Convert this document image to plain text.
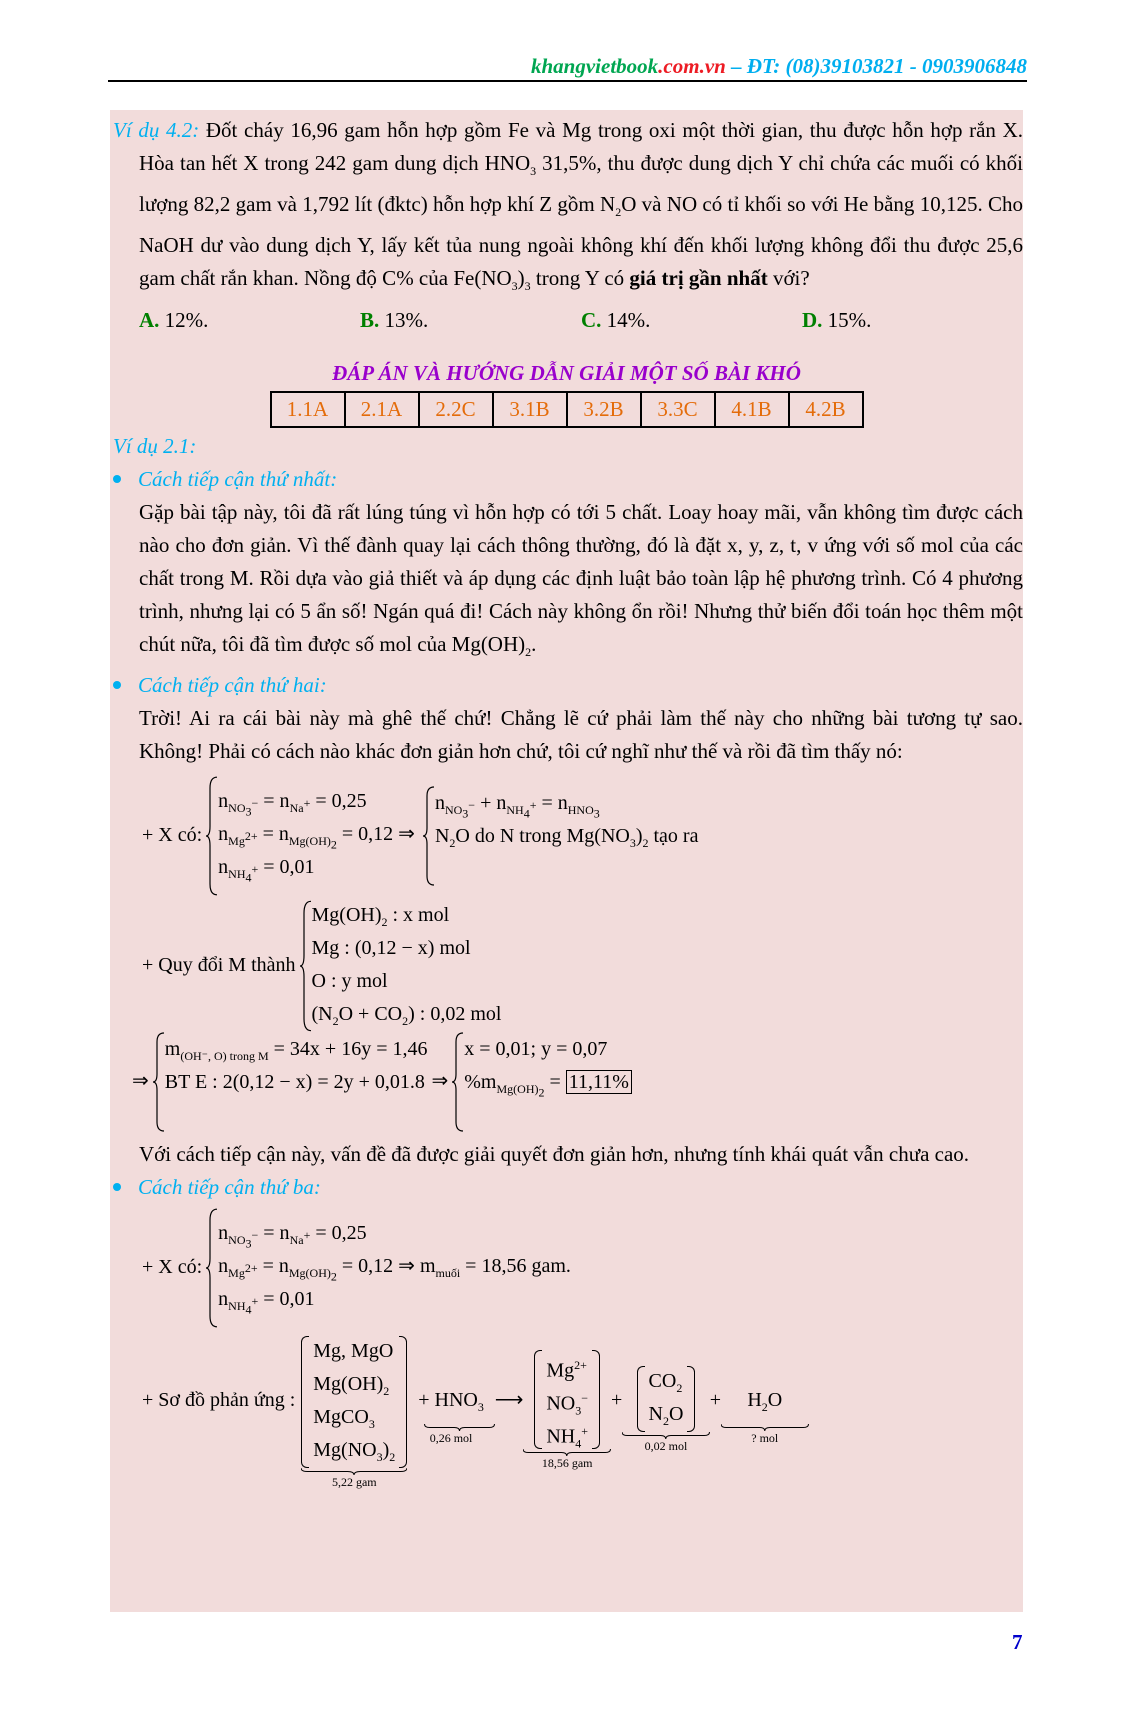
khangvietbook.com.vn – ĐT: (08)39103821 - 0903906848
Ví dụ 4.2: Đốt cháy 16,96 gam hỗn hợp gồm Fe và Mg trong oxi một thời gian, thu được hỗn hợp rắn X. Hòa tan hết X trong 242 gam dung dịch $HNO_3$ 31,5%, thu được dung dịch Y chỉ chứa các muối có khối lượng 82,2 gam và 1,792 lít (đktc) hỗn hợp khí Z gồm $N_2O$ và NO có tỉ khối so với He bằng 10,125. Cho NaOH dư vào dung dịch Y, lấy kết tủa nung ngoài không khí đến khối lượng không đổi thu được 25,6 gam chất rắn khan. Nồng độ C% của $Fe(NO_3)_3$ trong Y có giá trị gần nhất với?
A. 12%.	B. 13%.	C. 14%.	D. 15%.
ĐÁP ÁN VÀ HƯỚNG DẪN GIẢI MỘT SỐ BÀI KHÓ
1.1A	2.1A	2.2C	3.1B	3.2B	3.3C	4.1B	4.2B
Ví dụ 2.1:
Cách tiếp cận thứ nhất:
Gặp bài tập này, tôi đã rất lúng túng vì hỗn hợp có tới 5 chất. Loay hoay mãi, vẫn không tìm được cách nào cho đơn giản. Vì thế đành quay lại cách thông thường, đó là đặt x, y, z, t, v ứng với số mol của các chất trong M. Rồi dựa vào giả thiết và áp dụng các định luật bảo toàn lập hệ phương trình. Có 4 phương trình, nhưng lại có 5 ẩn số! Ngán quá đi! Cách này không ổn rồi! Nhưng thử biến đổi toán học thêm một chút nữa, tôi đã tìm được số mol của $Mg(OH)_2$.
Cách tiếp cận thứ hai:
Trời! Ai ra cái bài này mà ghê thế chứ! Chẳng lẽ cứ phải làm thế này cho những bài tương tự sao. Không! Phải có cách nào khác đơn giản hơn chứ, tôi cứ nghĩ như thế và rồi đã tìm thấy nó:
+ X có:
$n_{NO_3^-} = n_{Na^+} = 0,25$
$n_{Mg^{2+}} = n_{Mg(OH)_2} = 0,12$ ⇒
$n_{NH_4^+} = 0,01$
$n_{NO_3^-} + n_{NH_4^+} = n_{HNO_3}$
$N_2O$ do N trong $Mg(NO_3)_2$ tạo ra
+ Quy đổi M thành
$Mg(OH)_2$ : x mol
Mg : (0,12 − x) mol
O : y mol
$(N_2O + CO_2)$ : 0,02 mol
⇒
$m_{(OH^-, O) trong M} = 34x + 16y = 1,46$
BT E : 2(0,12 − x) = 2y + 0,01.8 ⇒
x = 0,01; y = 0,07
$\%m_{Mg(OH)_2} = 11,11\%$
Với cách tiếp cận này, vấn đề đã được giải quyết đơn giản hơn, nhưng tính khái quát vẫn chưa cao.
Cách tiếp cận thứ ba:
+ X có:
$n_{NO_3^-} = n_{Na^+} = 0,25$
$n_{Mg^{2+}} = n_{Mg(OH)_2} = 0,12$ ⇒ $m_{muối} = 18,56$ gam.
$n_{NH_4^+} = 0,01$
+ Sơ đồ phản ứng :
Mg, MgO
$Mg(OH)_2$
MgCO$_3$
$Mg(NO_3)_2$
5,22 gam
+ $HNO_3$
0,26 mol
⟶
$Mg^{2+}$
$NO_3^-$
$NH_4^+$
18,56 gam
+
$CO_2$
$N_2O$
0,02 mol
+ $H_2O$
? mol
7
